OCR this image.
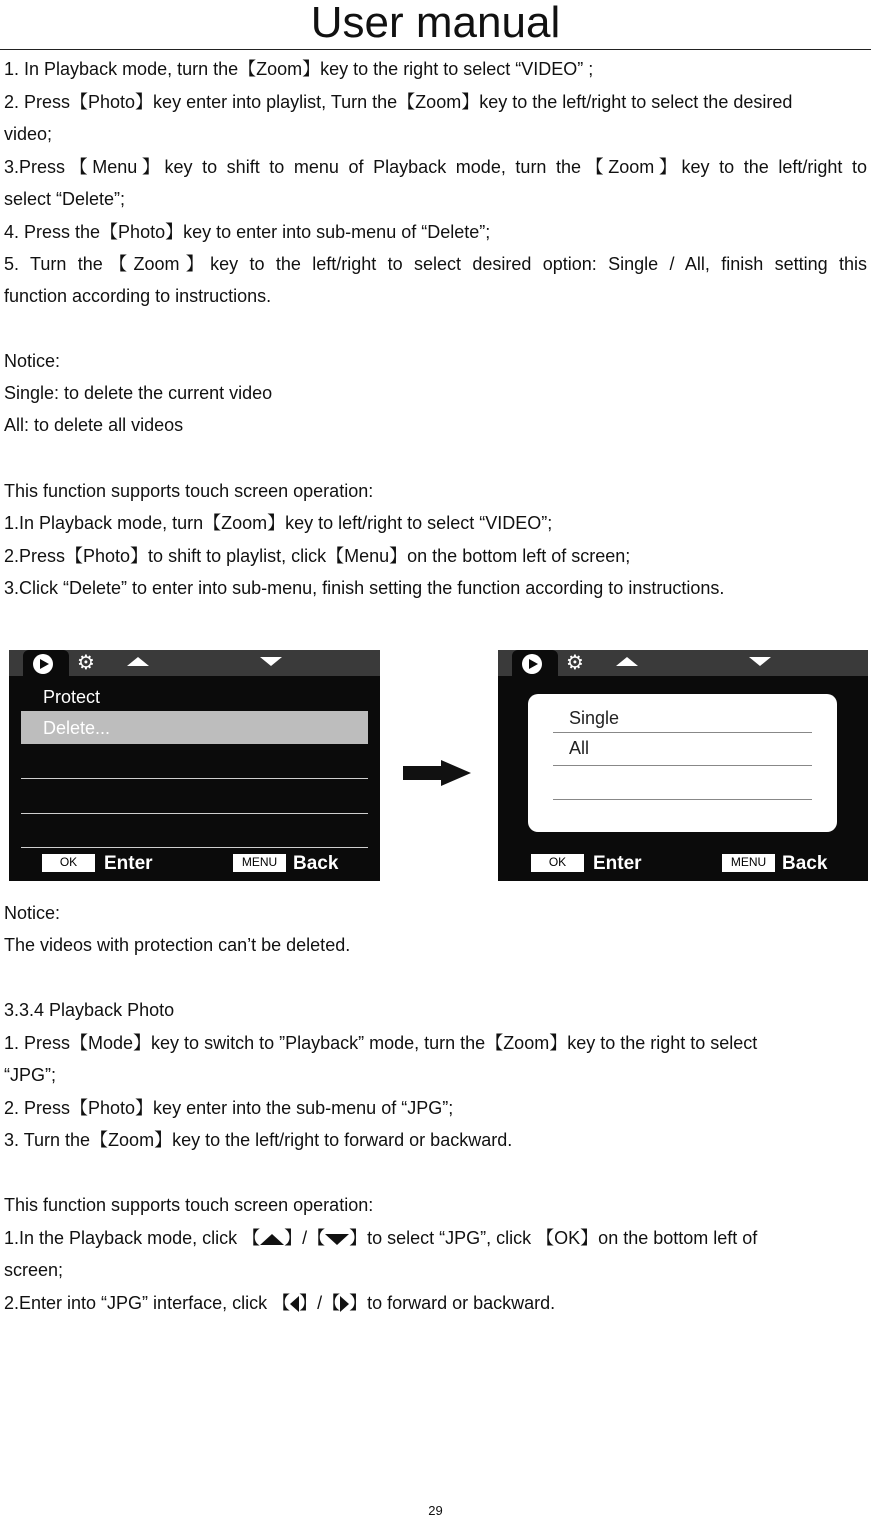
User manual
1. In Playback mode, turn the【Zoom】key to the right to select “VIDEO” ;
2. Press【Photo】key enter into playlist, Turn the【Zoom】key to the left/right to select the desired
video;
3.Press【Menu】key to shift to menu of Playback mode, turn the【Zoom】key to the left/right to
select “Delete”;
4. Press the【Photo】key to enter into sub-menu of “Delete”;
5. Turn the【Zoom】key to the left/right to select desired option: Single / All, finish setting this
function according to instructions.
Notice:
Single: to delete the current video
All: to delete all videos
This function supports touch screen operation:
1.In Playback mode, turn【Zoom】key to left/right to select “VIDEO”;
2.Press【Photo】to shift to playlist, click【Menu】on the bottom left of screen;
3.Click “Delete” to enter into sub-menu, finish setting the function according to instructions.
⚙
Protect
Delete...
OK	Enter	MENU Back
⚙
Single
All
OK	Enter	MENU Back
Notice:
The videos with protection can’t be deleted.
3.3.4 Playback Photo
1. Press【Mode】key to switch to ”Playback” mode, turn the【Zoom】key to the right to select
“JPG”;
2. Press【Photo】key enter into the sub-menu of “JPG”;
3. Turn the【Zoom】key to the left/right to forward or backward.
This function supports touch screen operation:
1.In the Playback mode, click 【 】/【 】to select “JPG”, click 【OK】on the bottom left of
screen;
2.Enter into “JPG” interface, click 【 】/【 】to forward or backward.
29
